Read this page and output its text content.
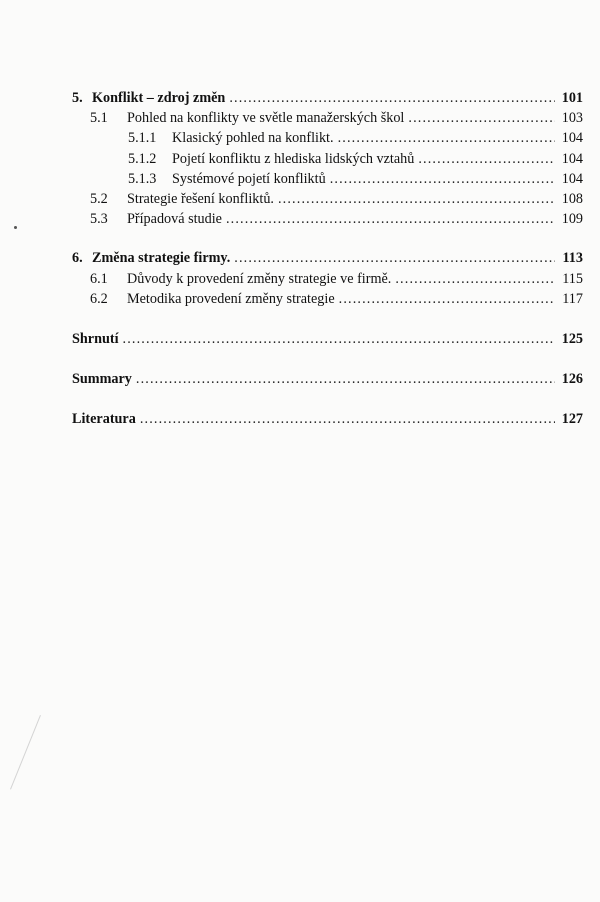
5. Konflikt – zdroj změn . . .	101
5.1	Pohled na konflikty ve světle manažerských škol . . .	103
5.1.1	Klasický pohled na konflikt. . . .	104
5.1.2	Pojetí konfliktu z hlediska lidských vztahů . . .	104
5.1.3	Systémové pojetí konfliktů . . .	104
5.2	Strategie řešení konfliktů. . . .	108
5.3	Případová studie . . .	109
6. Změna strategie firmy. . . .	113
6.1	Důvody k provedení změny strategie ve firmě. . . .	115
6.2	Metodika provedení změny strategie . . .	117
Shrnutí . . .	125
Summary . . .	126
Literatura . . .	127
